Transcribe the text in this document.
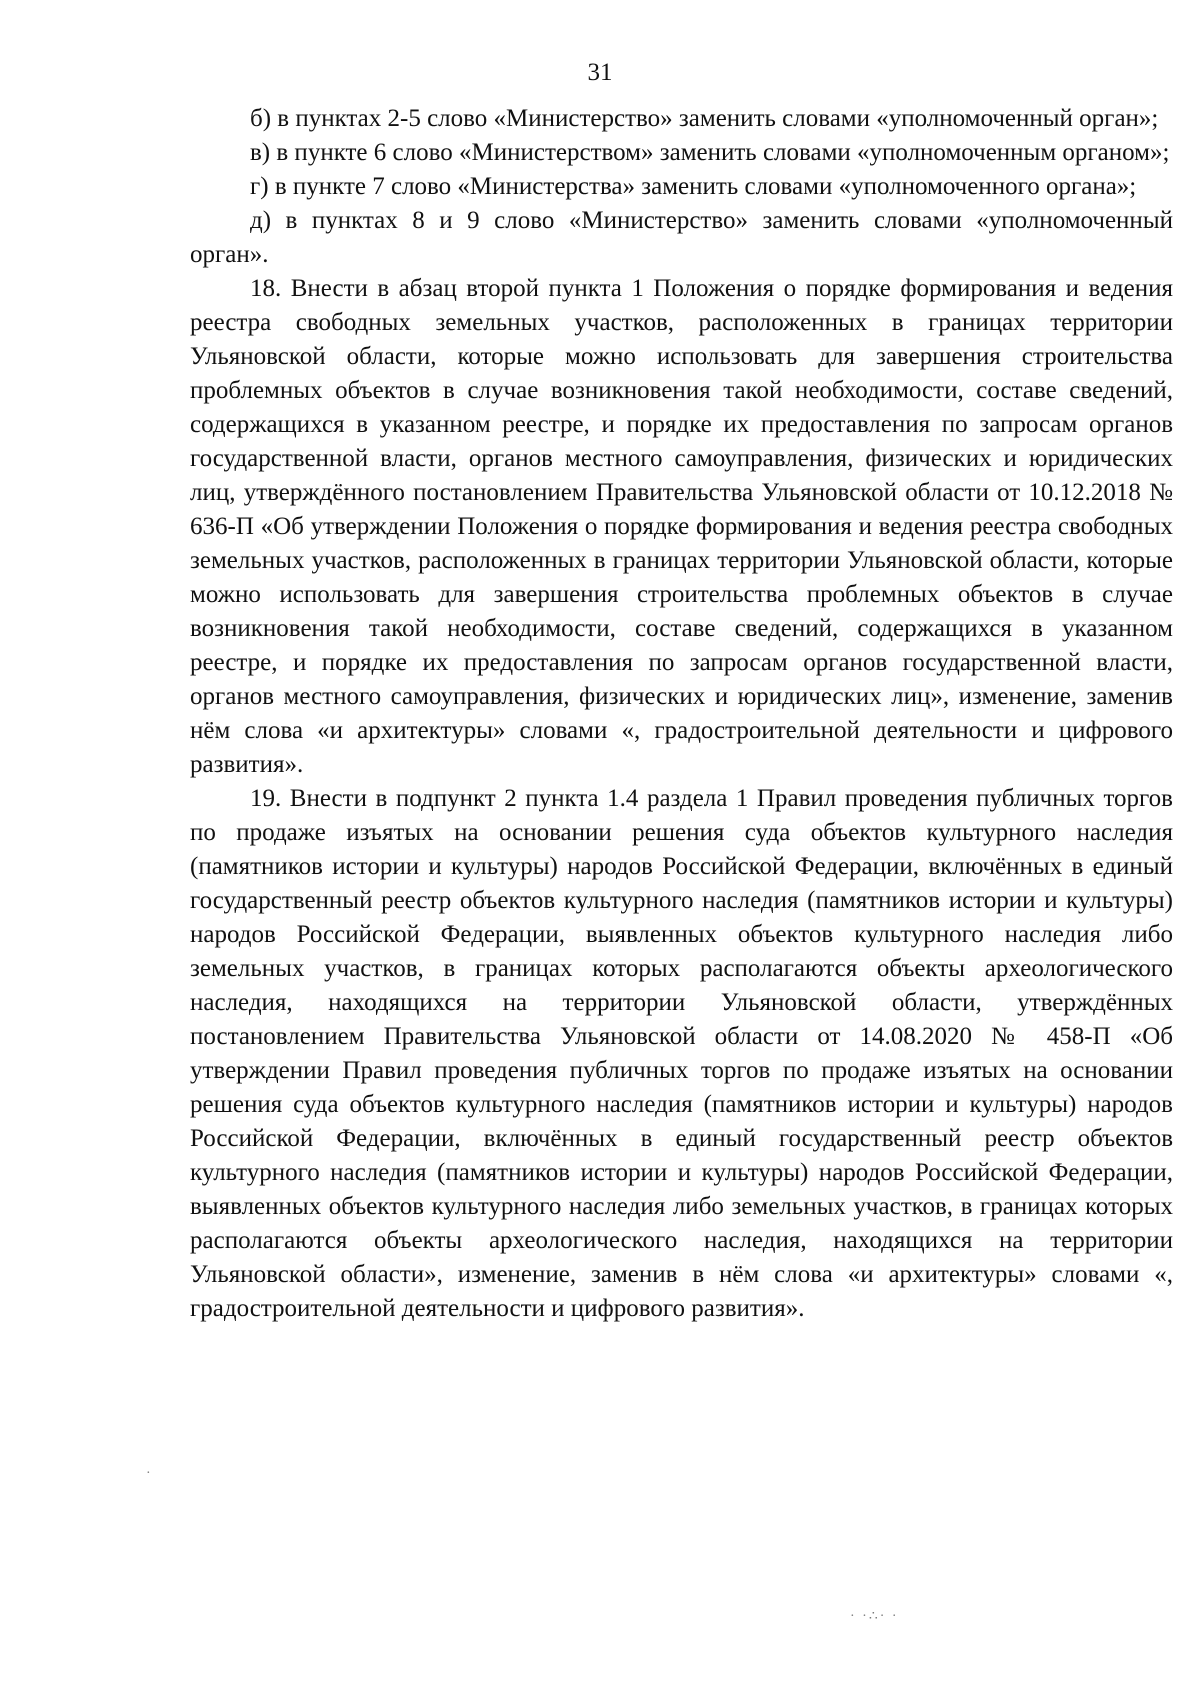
31

б) в пунктах 2-5 слово «Министерство» заменить словами «уполномоченный орган»;

в) в пункте 6 слово «Министерством» заменить словами «уполномоченным органом»;

г) в пункте 7 слово «Министерства» заменить словами «уполномоченного органа»;

д) в пунктах 8 и 9 слово «Министерство» заменить словами «уполномоченный орган».

18. Внести в абзац второй пункта 1 Положения о порядке формирования и ведения реестра свободных земельных участков, расположенных в границах территории Ульяновской области, которые можно использовать для завершения строительства проблемных объектов в случае возникновения такой необходимости, составе сведений, содержащихся в указанном реестре, и порядке их предоставления по запросам органов государственной власти, органов местного самоуправления, физических и юридических лиц, утверждённого постановлением Правительства Ульяновской области от 10.12.2018 № 636-П «Об утверждении Положения о порядке формирования и ведения реестра свободных земельных участков, расположенных в границах территории Ульяновской области, которые можно использовать для завершения строительства проблемных объектов в случае возникновения такой необходимости, составе сведений, содержащихся в указанном реестре, и порядке их предоставления по запросам органов государственной власти, органов местного самоуправления, физических и юридических лиц», изменение, заменив нём слова «и архитектуры» словами «, градостроительной деятельности и цифрового развития».

19. Внести в подпункт 2 пункта 1.4 раздела 1 Правил проведения публичных торгов по продаже изъятых на основании решения суда объектов культурного наследия (памятников истории и культуры) народов Российской Федерации, включённых в единый государственный реестр объектов культурного наследия (памятников истории и культуры) народов Российской Федерации, выявленных объектов культурного наследия либо земельных участков, в границах которых располагаются объекты археологического наследия, находящихся на территории Ульяновской области, утверждённых постановлением Правительства Ульяновской области от 14.08.2020 № 458-П «Об утверждении Правил проведения публичных торгов по продаже изъятых на основании решения суда объектов культурного наследия (памятников истории и культуры) народов Российской Федерации, включённых в единый государственный реестр объектов культурного наследия (памятников истории и культуры) народов Российской Федерации, выявленных объектов культурного наследия либо земельных участков, в границах которых располагаются объекты археологического наследия, находящихся на территории Ульяновской области», изменение, заменив в нём слова «и архитектуры» словами «, градостроительной деятельности и цифрового развития».

·
· ·∴· ·
